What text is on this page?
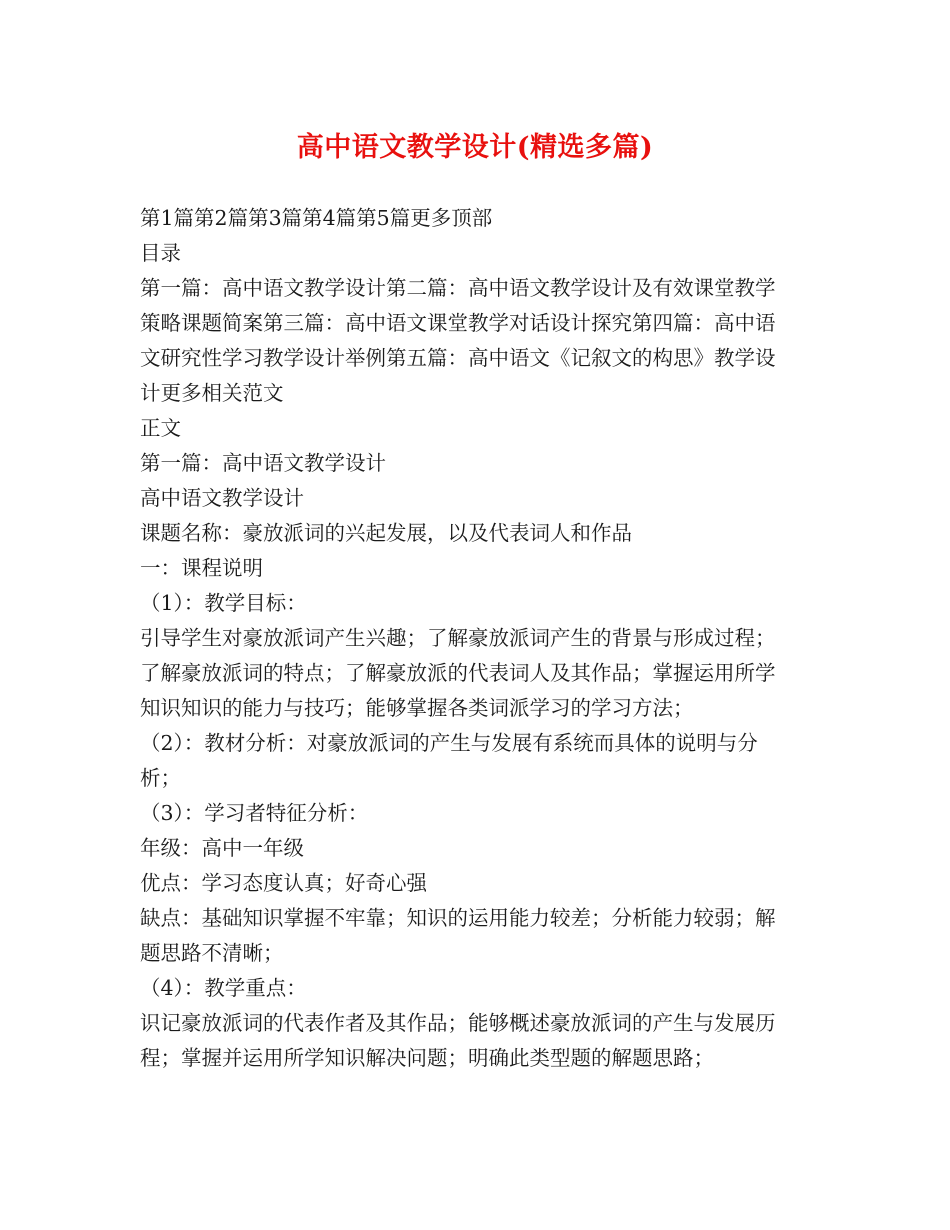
高中语文教学设计(精选多篇)
第1篇第2篇第3篇第4篇第5篇更多顶部
目录
第一篇：高中语文教学设计第二篇：高中语文教学设计及有效课堂教学
策略课题简案第三篇：高中语文课堂教学对话设计探究第四篇：高中语
文研究性学习教学设计举例第五篇：高中语文《记叙文的构思》教学设
计更多相关范文
正文
第一篇：高中语文教学设计
高中语文教学设计
课题名称：豪放派词的兴起发展，以及代表词人和作品
一：课程说明
（1）：教学目标：
引导学生对豪放派词产生兴趣；了解豪放派词产生的背景与形成过程；
了解豪放派词的特点；了解豪放派的代表词人及其作品；掌握运用所学
知识知识的能力与技巧；能够掌握各类词派学习的学习方法；
（2）：教材分析：对豪放派词的产生与发展有系统而具体的说明与分
析；
（3）：学习者特征分析：
年级：高中一年级
优点：学习态度认真；好奇心强
缺点：基础知识掌握不牢靠；知识的运用能力较差；分析能力较弱；解
题思路不清晰；
（4）：教学重点：
识记豪放派词的代表作者及其作品；能够概述豪放派词的产生与发展历
程；掌握并运用所学知识解决问题；明确此类型题的解题思路；
